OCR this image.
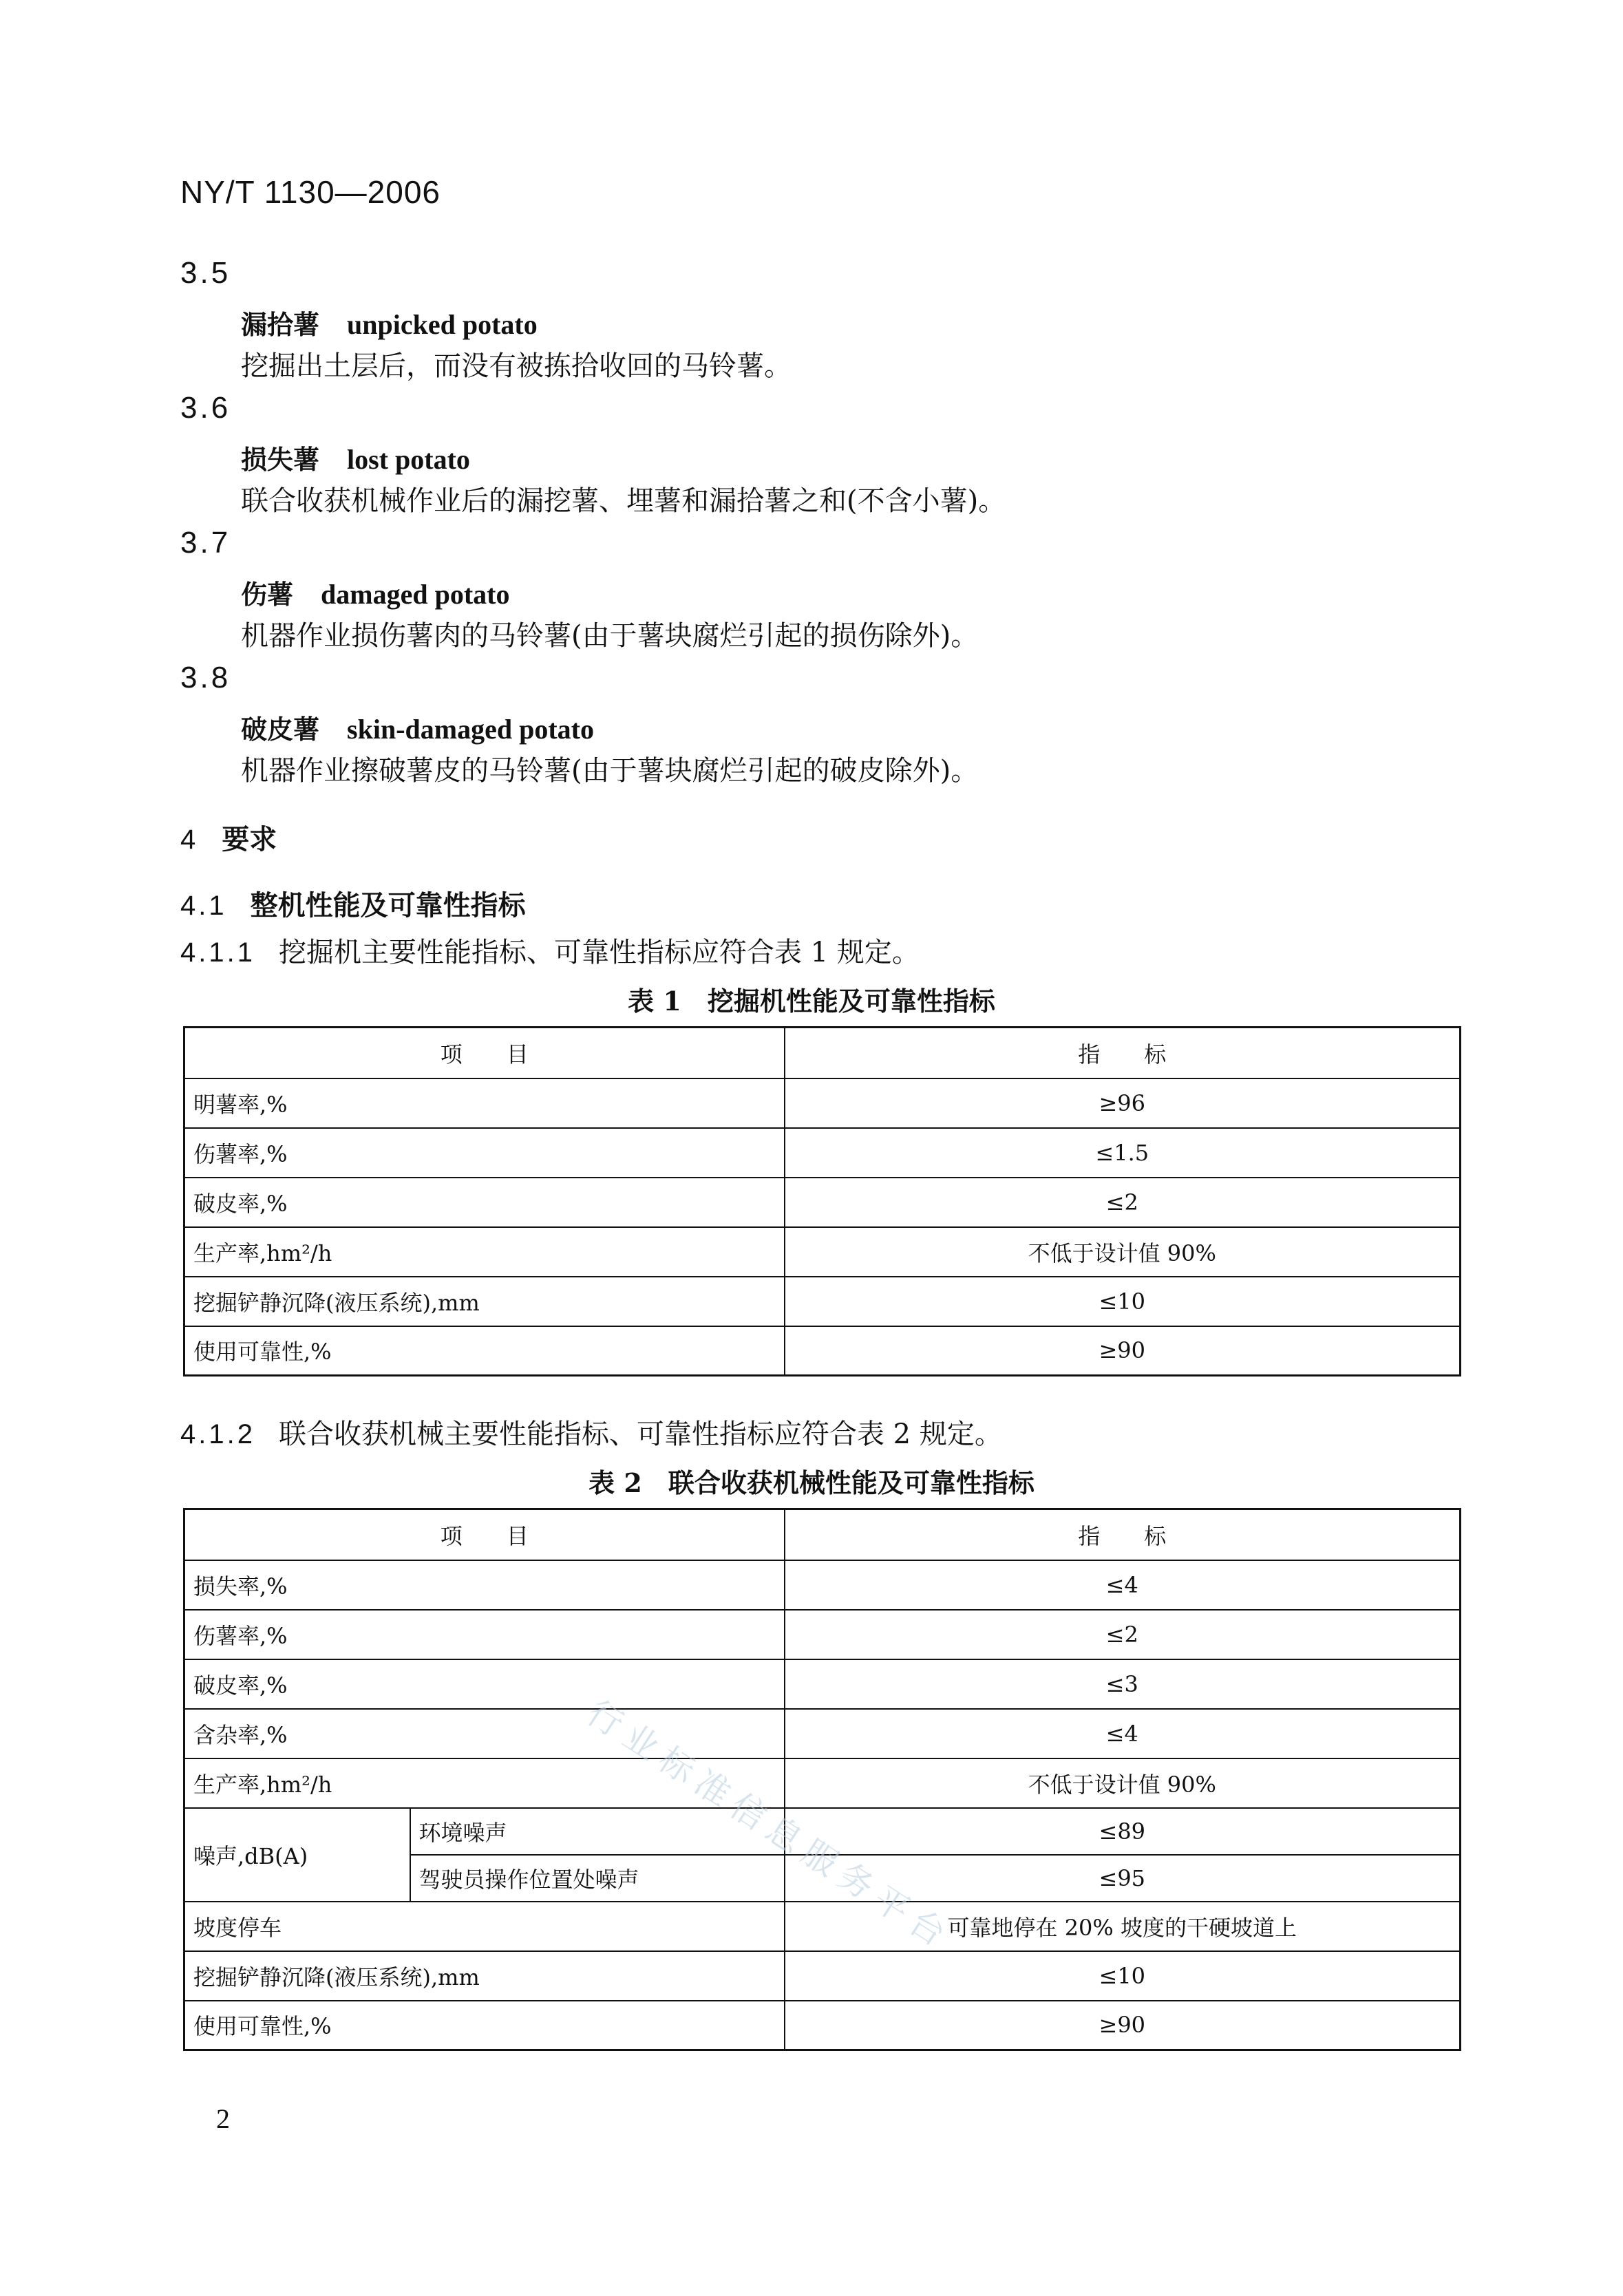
NY/T 1130—2006
3.5
漏拾薯 unpicked potato
挖掘出土层后，而没有被拣拾收回的马铃薯。
3.6
损失薯 lost potato
联合收获机械作业后的漏挖薯、埋薯和漏拾薯之和(不含小薯)。
3.7
伤薯 damaged potato
机器作业损伤薯肉的马铃薯(由于薯块腐烂引起的损伤除外)。
3.8
破皮薯 skin-damaged potato
机器作业擦破薯皮的马铃薯(由于薯块腐烂引起的破皮除外)。
4 要求
4.1 整机性能及可靠性指标
4.1.1 挖掘机主要性能指标、可靠性指标应符合表 1 规定。
表 1　挖掘机性能及可靠性指标
项　　目	指　　标
明薯率,%	≥96
伤薯率,%	≤1.5
破皮率,%	≤2
生产率,hm²/h	不低于设计值 90%
挖掘铲静沉降(液压系统),mm	≤10
使用可靠性,%	≥90
4.1.2 联合收获机械主要性能指标、可靠性指标应符合表 2 规定。
表 2　联合收获机械性能及可靠性指标
项　　目		指　　标
损失率,%		≤4
伤薯率,%		≤2
破皮率,%		≤3
含杂率,%		≤4
生产率,hm²/h		不低于设计值 90%
噪声,dB(A)	环境噪声	≤89
	驾驶员操作位置处噪声	≤95
坡度停车		可靠地停在 20% 坡度的干硬坡道上
挖掘铲静沉降(液压系统),mm		≤10
使用可靠性,%		≥90
行业标准信息服务平台
2
